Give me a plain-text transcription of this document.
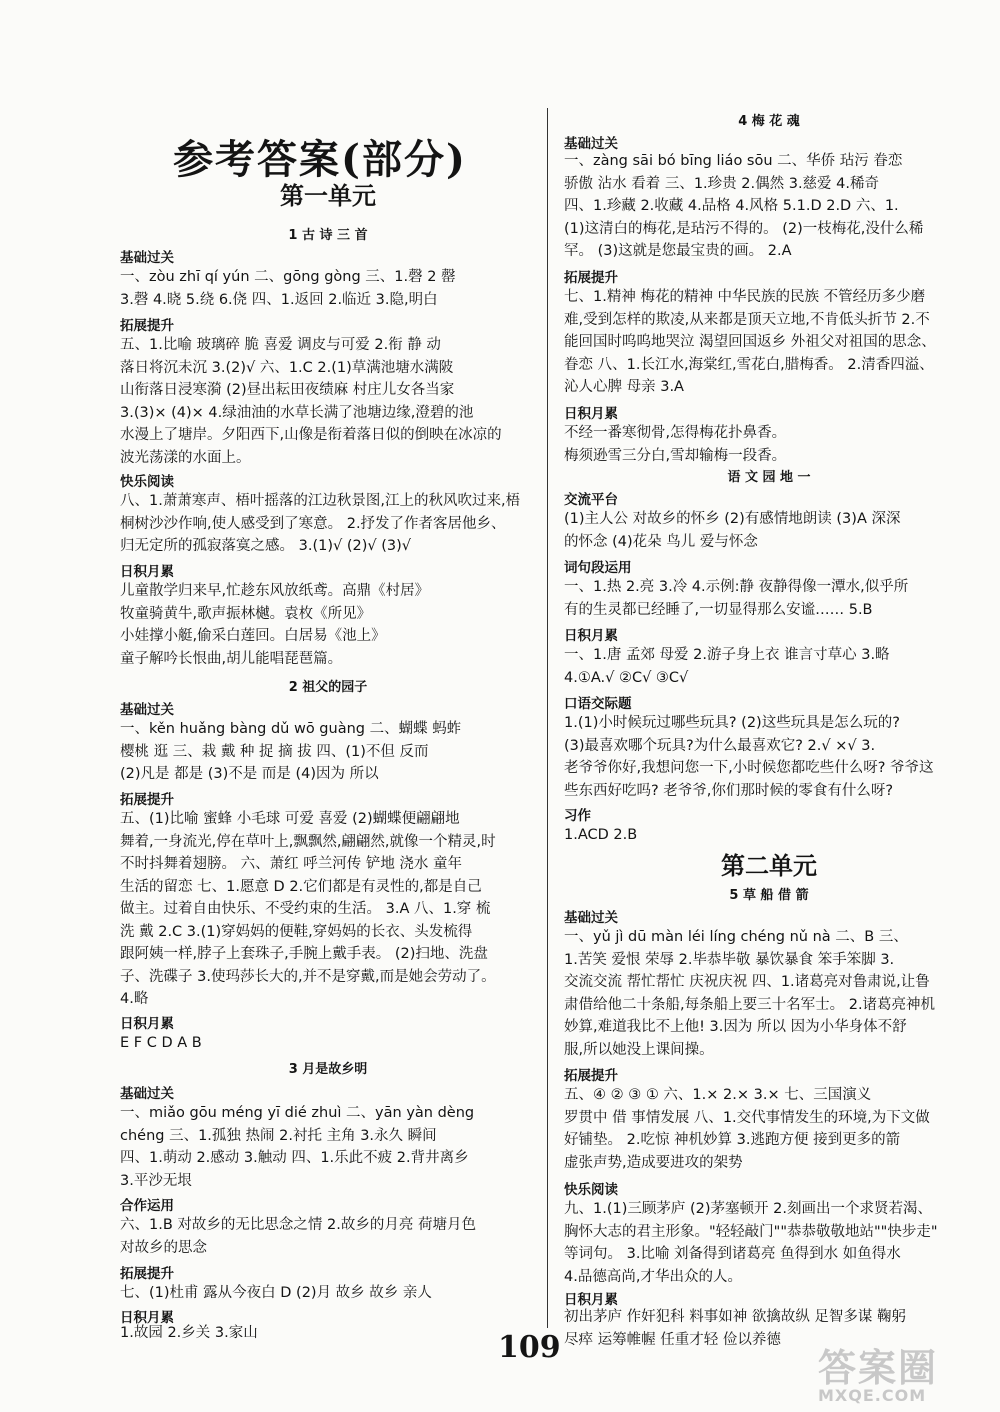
参考答案(部分)
第一单元
1 古 诗 三 首
基础过关
一、zòu zhī qí yún 二、gōng gòng 三、1.磬 2 罄
3.磬 4.晓 5.绕 6.侥 四、1.返回 2.临近 3.隐,明白
拓展提升
五、1.比喻 玻璃碎 脆 喜爱 调皮与可爱 2.衔 静 动
落日将沉未沉 3.(2)√ 六、1.C 2.(1)草满池塘水满陂
山衔落日浸寒漪 (2)昼出耘田夜绩麻 村庄儿女各当家
3.(3)× (4)× 4.绿油油的水草长满了池塘边缘,澄碧的池
水漫上了塘岸。夕阳西下,山像是衔着落日似的倒映在冰凉的
波光荡漾的水面上。
快乐阅读
八、1.萧萧寒声、梧叶摇落的江边秋景图,江上的秋风吹过来,梧
桐树沙沙作响,使人感受到了寒意。 2.抒发了作者客居他乡、
归无定所的孤寂落寞之感。 3.(1)√ (2)√ (3)√
日积月累
儿童散学归来早,忙趁东风放纸鸢。高鼎《村居》
牧童骑黄牛,歌声振林樾。袁枚《所见》
小娃撑小艇,偷采白莲回。白居易《池上》
童子解吟长恨曲,胡儿能唱琵琶篇。
2 祖父的园子
基础过关
一、kěn huǎng bàng dǔ wō guàng 二、蝴蝶 蚂蚱
樱桃 逛 三、栽 戴 种 捉 摘 拔 四、(1)不但 反而
(2)凡是 都是 (3)不是 而是 (4)因为 所以
拓展提升
五、(1)比喻 蜜蜂 小毛球 可爱 喜爱 (2)蝴蝶便翩翩地
舞着,一身流光,停在草叶上,飘飘然,翩翩然,就像一个精灵,时
不时抖舞着翅膀。 六、萧红 呼兰河传 铲地 浇水 童年
生活的留恋 七、1.愿意 D 2.它们都是有灵性的,都是自己
做主。过着自由快乐、不受约束的生活。 3.A 八、1.穿 梳
洗 戴 2.C 3.(1)穿妈妈的便鞋,穿妈妈的长衣、头发梳得
跟阿姨一样,脖子上套珠子,手腕上戴手表。 (2)扫地、洗盘
子、洗碟子 3.使玛莎长大的,并不是穿戴,而是她会劳动了。
4.略
日积月累
E F C D A B
3 月是故乡明
基础过关
一、miǎo gōu méng yī dié zhuì 二、yān yàn dèng
chéng 三、1.孤独 热闹 2.衬托 主角 3.永久 瞬间
四、1.萌动 2.感动 3.触动 四、1.乐此不疲 2.背井离乡
3.平沙无垠
合作运用
六、1.B 对故乡的无比思念之情 2.故乡的月亮 荷塘月色
对故乡的思念
拓展提升
七、(1)杜甫 露从今夜白 D (2)月 故乡 故乡 亲人
日积月累
1.故园 2.乡关 3.家山
4 梅 花 魂
基础过关
一、zàng sāi bó bīng liáo sōu 二、华侨 玷污 眷恋
骄傲 沾水 看着 三、1.珍贵 2.偶然 3.慈爱 4.稀奇
四、1.珍藏 2.收藏 4.品格 4.风格 5.1.D 2.D 六、1.
(1)这清白的梅花,是玷污不得的。 (2)一枝梅花,没什么稀
罕。 (3)这就是您最宝贵的画。 2.A
拓展提升
七、1.精神 梅花的精神 中华民族的民族 不管经历多少磨
难,受到怎样的欺凌,从来都是顶天立地,不肯低头折节 2.不
能回国时呜呜地哭泣 渴望回国返乡 外祖父对祖国的思念、
眷恋 八、1.长江水,海棠红,雪花白,腊梅香。 2.清香四溢、
沁人心脾 母亲 3.A
日积月累
不经一番寒彻骨,怎得梅花扑鼻香。
梅须逊雪三分白,雪却输梅一段香。
语 文 园 地 一
交流平台
(1)主人公 对故乡的怀乡 (2)有感情地朗读 (3)A 深深
的怀念 (4)花朵 鸟儿 爱与怀念
词句段运用
一、1.热 2.亮 3.冷 4.示例:静 夜静得像一潭水,似乎所
有的生灵都已经睡了,一切显得那么安谧…… 5.B
日积月累
一、1.唐 孟郊 母爱 2.游子身上衣 谁言寸草心 3.略
4.①A.√ ②C√ ③C√
口语交际题
1.(1)小时候玩过哪些玩具? (2)这些玩具是怎么玩的?
(3)最喜欢哪个玩具?为什么最喜欢它? 2.√ ×√ 3.
老爷爷你好,我想问您一下,小时候您都吃些什么呀? 爷爷这
些东西好吃吗? 老爷爷,你们那时候的零食有什么呀?
习作
1.ACD 2.B
第二单元
5 草 船 借 箭
基础过关
一、yǔ jì dū màn léi líng chéng nǔ nà 二、B 三、
1.苦笑 爱恨 荣辱 2.毕恭毕敬 暴饮暴食 笨手笨脚 3.
交流交流 帮忙帮忙 庆祝庆祝 四、1.诸葛亮对鲁肃说,让鲁
肃借给他二十条船,每条船上要三十名军士。 2.诸葛亮神机
妙算,难道我比不上他! 3.因为 所以 因为小华身体不舒
服,所以她没上课间操。
拓展提升
五、④ ② ③ ① 六、1.× 2.× 3.× 七、三国演义
罗贯中 借 事情发展 八、1.交代事情发生的环境,为下文做
好铺垫。 2.吃惊 神机妙算 3.逃跑方便 接到更多的箭
虚张声势,造成要进攻的架势
快乐阅读
九、1.(1)三顾茅庐 (2)茅塞顿开 2.刻画出一个求贤若渴、
胸怀大志的君主形象。"轻轻敲门""恭恭敬敬地站""快步走"
等词句。 3.比喻 刘备得到诸葛亮 鱼得到水 如鱼得水
4.品德高尚,才华出众的人。
日积月累
初出茅庐 作奸犯科 料事如神 欲擒故纵 足智多谋 鞠躬
尽瘁 运筹帷幄 任重才轻 俭以养德
109	答案圈
MXQE.COM
